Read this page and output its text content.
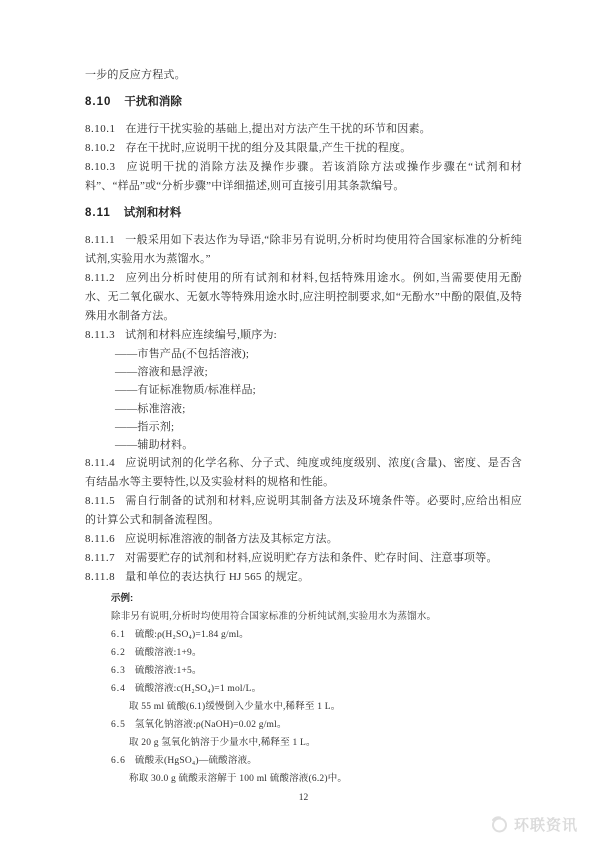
一步的反应方程式。

8.10 干扰和消除

8.10.1 在进行干扰实验的基础上,提出对方法产生干扰的环节和因素。

8.10.2 存在干扰时,应说明干扰的组分及其限量,产生干扰的程度。

8.10.3 应说明干扰的消除方法及操作步骤。若该消除方法或操作步骤在“试剂和材料”、“样品”或“分析步骤”中详细描述,则可直接引用其条款编号。

8.11 试剂和材料

8.11.1 一般采用如下表达作为导语,“除非另有说明,分析时均使用符合国家标准的分析纯试剂,实验用水为蒸馏水。”

8.11.2 应列出分析时使用的所有试剂和材料,包括特殊用途水。例如,当需要使用无酚水、无二氧化碳水、无氨水等特殊用途水时,应注明控制要求,如“无酚水”中酚的限值,及特殊用水制备方法。

8.11.3 试剂和材料应连续编号,顺序为:

——市售产品(不包括溶液);

——溶液和悬浮液;

——有证标准物质/标准样品;

——标准溶液;

——指示剂;

——辅助材料。

8.11.4 应说明试剂的化学名称、分子式、纯度或纯度级别、浓度(含量)、密度、是否含有结晶水等主要特性,以及实验材料的规格和性能。

8.11.5 需自行制备的试剂和材料,应说明其制备方法及环境条件等。必要时,应给出相应的计算公式和制备流程图。

8.11.6 应说明标准溶液的制备方法及其标定方法。

8.11.7 对需要贮存的试剂和材料,应说明贮存方法和条件、贮存时间、注意事项等。

8.11.8 量和单位的表达执行 HJ 565 的规定。

示例:

除非另有说明,分析时均使用符合国家标准的分析纯试剂,实验用水为蒸馏水。

6.1 硫酸:ρ(H₂SO₄)=1.84 g/ml。

6.2 硫酸溶液:1+9。

6.3 硫酸溶液:1+5。

6.4 硫酸溶液:c(H₂SO₄)=1 mol/L。

取 55 ml 硫酸(6.1)缓慢倒入少量水中,稀释至 1 L。

6.5 氢氧化钠溶液:ρ(NaOH)=0.02 g/ml。

取 20 g 氢氧化钠溶于少量水中,稀释至 1 L。

6.6 硫酸汞(HgSO₄)—硫酸溶液。

称取 30.0 g 硫酸汞溶解于 100 ml 硫酸溶液(6.2)中。

12
环联资讯
